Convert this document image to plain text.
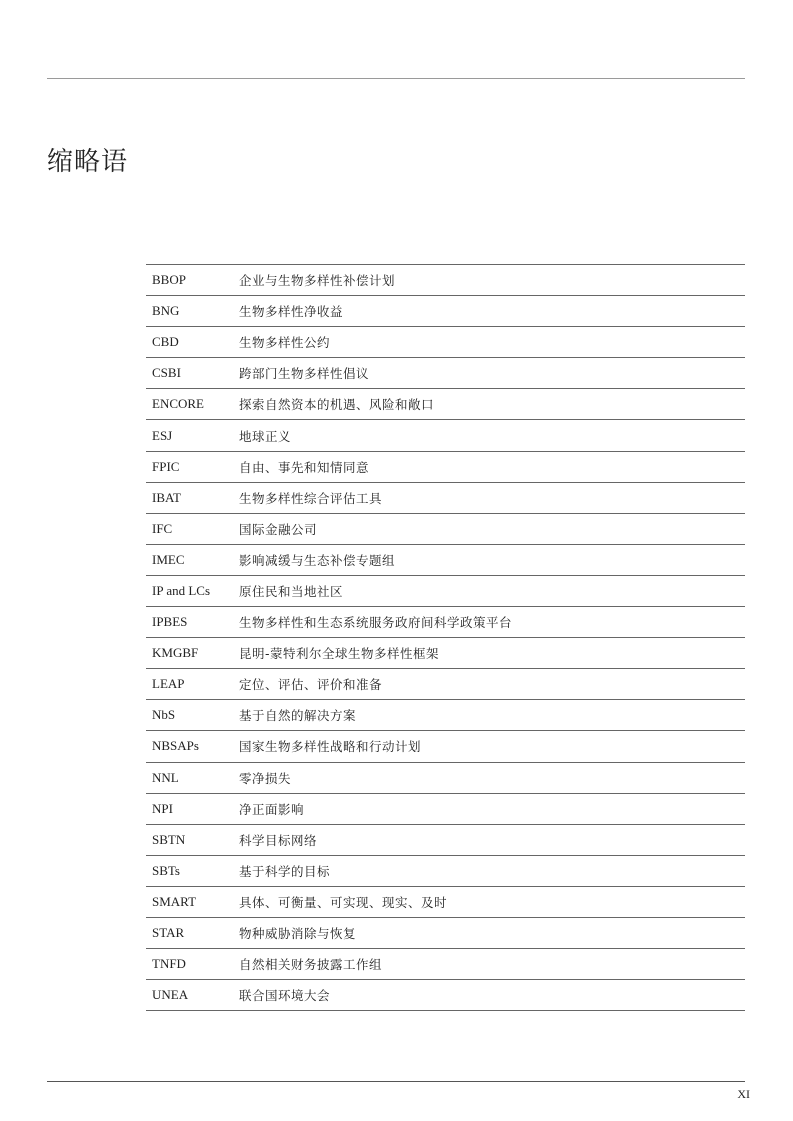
缩略语
BBOP	企业与生物多样性补偿计划
BNG	生物多样性净收益
CBD	生物多样性公约
CSBI	跨部门生物多样性倡议
ENCORE	探索自然资本的机遇、风险和敞口
ESJ	地球正义
FPIC	自由、事先和知情同意
IBAT	生物多样性综合评估工具
IFC	国际金融公司
IMEC	影响减缓与生态补偿专题组
IP and LCs	原住民和当地社区
IPBES	生物多样性和生态系统服务政府间科学政策平台
KMGBF	昆明-蒙特利尔全球生物多样性框架
LEAP	定位、评估、评价和准备
NbS	基于自然的解决方案
NBSAPs	国家生物多样性战略和行动计划
NNL	零净损失
NPI	净正面影响
SBTN	科学目标网络
SBTs	基于科学的目标
SMART	具体、可衡量、可实现、现实、及时
STAR	物种威胁消除与恢复
TNFD	自然相关财务披露工作组
UNEA	联合国环境大会
XI
